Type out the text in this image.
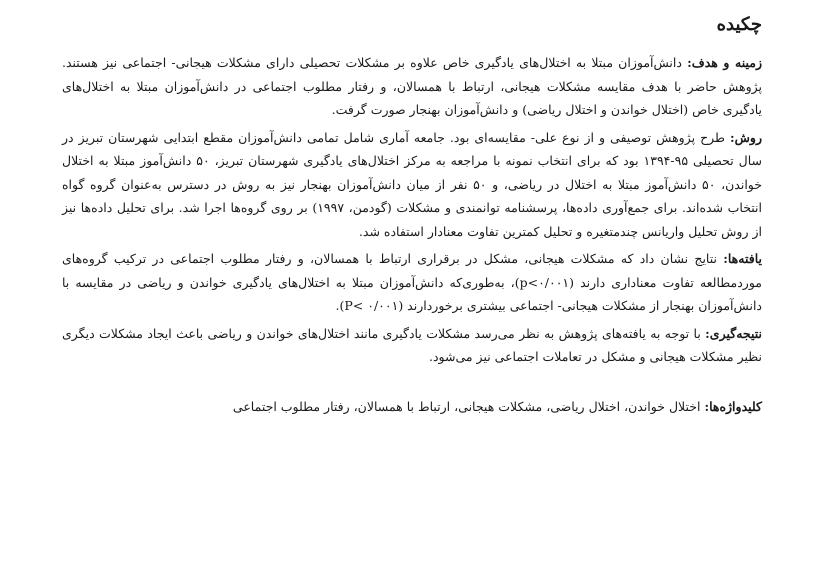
چکیده

زمینه و هدف: دانش‌آموزان مبتلا به اختلال‌های یادگیری خاص علاوه بر مشکلات تحصیلی دارای مشکلات هیجانی- اجتماعی نیز هستند. پژوهش حاضر با هدف مقایسه مشکلات هیجانی، ارتباط با همسالان، و رفتار مطلوب اجتماعی در دانش‌آموزان مبتلا به اختلال‌های یادگیری خاص (اختلال خواندن و اختلال ریاضی) و دانش‌آموزان بهنجار صورت گرفت.

روش: طرح پژوهش توصیفی و از نوع علی- مقایسه‌ای بود. جامعه آماری شامل تمامی دانش‌آموزان مقطع ابتدایی شهرستان تبریز در سال تحصیلی ۹۵-۱۳۹۴ بود که برای انتخاب نمونه با مراجعه به مرکز اختلال‌های یادگیری شهرستان تبریز، ۵۰ دانش‌آموز مبتلا به اختلال خواندن، ۵۰ دانش‌آموز مبتلا به اختلال در ریاضی، و ۵۰ نفر از میان دانش‌آموزان بهنجار نیز به روش در دسترس به‌عنوان گروه گواه انتخاب شده‌اند. برای جمع‌آوری داده‌ها، پرسشنامه توانمندی و مشکلات (گودمن، ۱۹۹۷) بر روی گروه‌ها اجرا شد. برای تحلیل داده‌ها نیز از روش تحلیل واریانس چندمتغیره و تحلیل کمترین تفاوت معنادار استفاده شد.

یافته‌ها: نتایج نشان داد که مشکلات هیجانی، مشکل در برقراری ارتباط با همسالان، و رفتار مطلوب اجتماعی در ترکیب گروه‌های موردمطالعه تفاوت معناداری دارند (p<۰/۰۰۱)، به‌طوری‌که دانش‌آموزان مبتلا به اختلال‌های یادگیری خواندن و ریاضی در مقایسه با دانش‌آموزان بهنجار از مشکلات هیجانی- اجتماعی بیشتری برخوردارند (P< ۰/۰۰۱).

نتیجه‌گیری: با توجه به یافته‌های پژوهش به نظر می‌رسد مشکلات یادگیری مانند اختلال‌های خواندن و ریاضی باعث ایجاد مشکلات دیگری نظیر مشکلات هیجانی و مشکل در تعاملات اجتماعی نیز می‌شود.

کلیدواژه‌ها: اختلال خواندن، اختلال ریاضی، مشکلات هیجانی، ارتباط با همسالان، رفتار مطلوب اجتماعی
